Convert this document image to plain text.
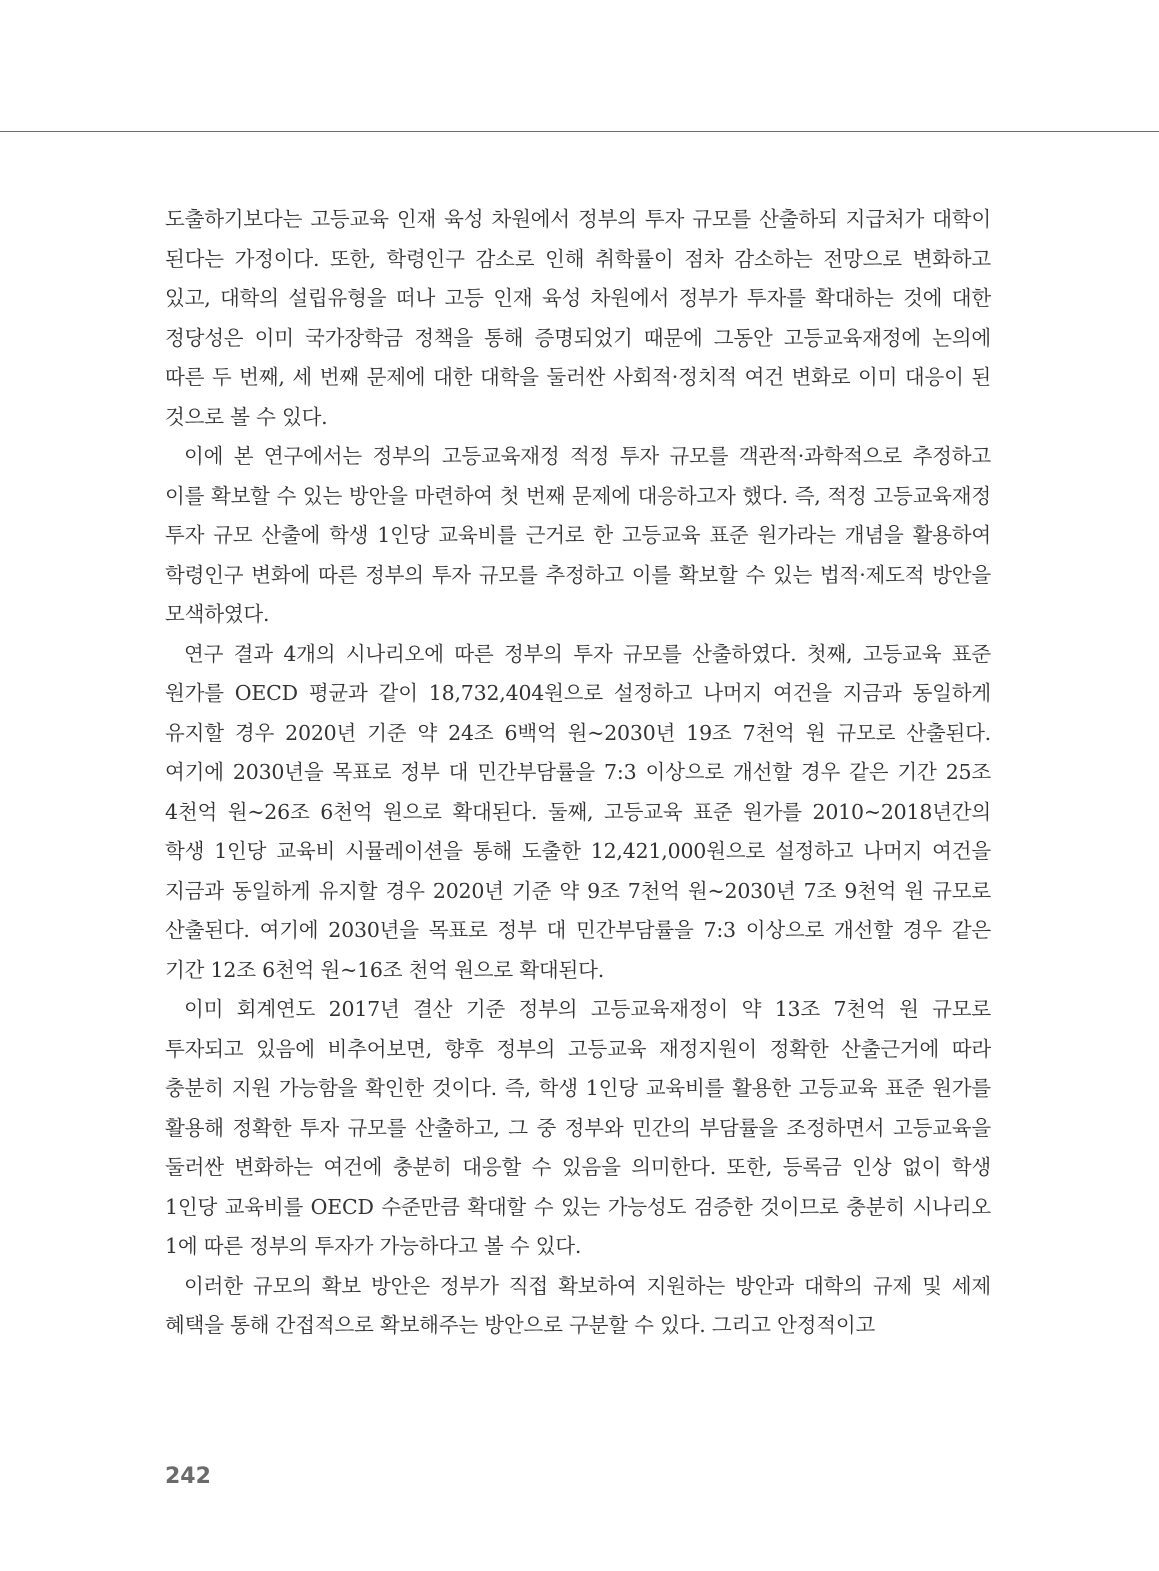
도출하기보다는 고등교육 인재 육성 차원에서 정부의 투자 규모를 산출하되 지급처가 대학이 된다는 가정이다. 또한, 학령인구 감소로 인해 취학률이 점차 감소하는 전망으로 변화하고 있고, 대학의 설립유형을 떠나 고등 인재 육성 차원에서 정부가 투자를 확대하는 것에 대한 정당성은 이미 국가장학금 정책을 통해 증명되었기 때문에 그동안 고등교육재정에 논의에 따른 두 번째, 세 번째 문제에 대한 대학을 둘러싼 사회적·정치적 여건 변화로 이미 대응이 된 것으로 볼 수 있다.

이에 본 연구에서는 정부의 고등교육재정 적정 투자 규모를 객관적·과학적으로 추정하고 이를 확보할 수 있는 방안을 마련하여 첫 번째 문제에 대응하고자 했다. 즉, 적정 고등교육재정 투자 규모 산출에 학생 1인당 교육비를 근거로 한 고등교육 표준 원가라는 개념을 활용하여 학령인구 변화에 따른 정부의 투자 규모를 추정하고 이를 확보할 수 있는 법적·제도적 방안을 모색하였다.

연구 결과 4개의 시나리오에 따른 정부의 투자 규모를 산출하였다. 첫째, 고등교육 표준 원가를 OECD 평균과 같이 18,732,404원으로 설정하고 나머지 여건을 지금과 동일하게 유지할 경우 2020년 기준 약 24조 6백억 원~2030년 19조 7천억 원 규모로 산출된다. 여기에 2030년을 목표로 정부 대 민간부담률을 7:3 이상으로 개선할 경우 같은 기간 25조 4천억 원~26조 6천억 원으로 확대된다. 둘째, 고등교육 표준 원가를 2010~2018년간의 학생 1인당 교육비 시뮬레이션을 통해 도출한 12,421,000원으로 설정하고 나머지 여건을 지금과 동일하게 유지할 경우 2020년 기준 약 9조 7천억 원~2030년 7조 9천억 원 규모로 산출된다. 여기에 2030년을 목표로 정부 대 민간부담률을 7:3 이상으로 개선할 경우 같은 기간 12조 6천억 원~16조 천억 원으로 확대된다.

이미 회계연도 2017년 결산 기준 정부의 고등교육재정이 약 13조 7천억 원 규모로 투자되고 있음에 비추어보면, 향후 정부의 고등교육 재정지원이 정확한 산출근거에 따라 충분히 지원 가능함을 확인한 것이다. 즉, 학생 1인당 교육비를 활용한 고등교육 표준 원가를 활용해 정확한 투자 규모를 산출하고, 그 중 정부와 민간의 부담률을 조정하면서 고등교육을 둘러싼 변화하는 여건에 충분히 대응할 수 있음을 의미한다. 또한, 등록금 인상 없이 학생 1인당 교육비를 OECD 수준만큼 확대할 수 있는 가능성도 검증한 것이므로 충분히 시나리오 1에 따른 정부의 투자가 가능하다고 볼 수 있다.

이러한 규모의 확보 방안은 정부가 직접 확보하여 지원하는 방안과 대학의 규제 및 세제 혜택을 통해 간접적으로 확보해주는 방안으로 구분할 수 있다. 그리고 안정적이고

242
